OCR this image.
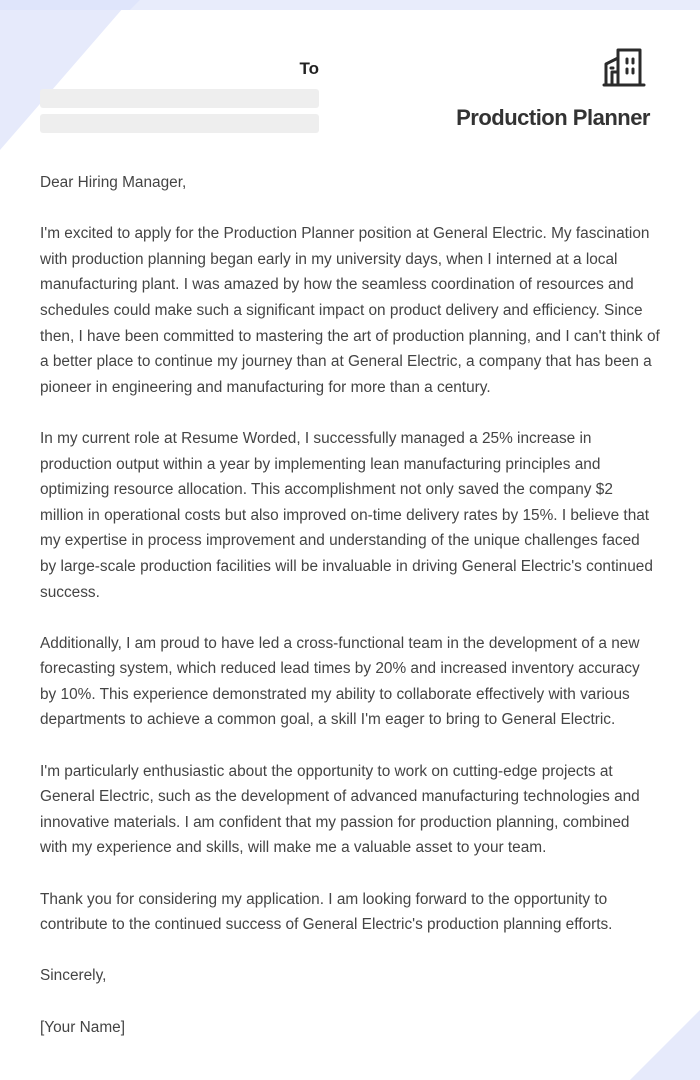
To
Production Planner

Dear Hiring Manager,

I'm excited to apply for the Production Planner position at General Electric. My fascination with production planning began early in my university days, when I interned at a local manufacturing plant. I was amazed by how the seamless coordination of resources and schedules could make such a significant impact on product delivery and efficiency. Since then, I have been committed to mastering the art of production planning, and I can't think of a better place to continue my journey than at General Electric, a company that has been a pioneer in engineering and manufacturing for more than a century.

In my current role at Resume Worded, I successfully managed a 25% increase in production output within a year by implementing lean manufacturing principles and optimizing resource allocation. This accomplishment not only saved the company $2 million in operational costs but also improved on-time delivery rates by 15%. I believe that my expertise in process improvement and understanding of the unique challenges faced by large-scale production facilities will be invaluable in driving General Electric's continued success.

Additionally, I am proud to have led a cross-functional team in the development of a new forecasting system, which reduced lead times by 20% and increased inventory accuracy by 10%. This experience demonstrated my ability to collaborate effectively with various departments to achieve a common goal, a skill I'm eager to bring to General Electric.

I'm particularly enthusiastic about the opportunity to work on cutting-edge projects at General Electric, such as the development of advanced manufacturing technologies and innovative materials. I am confident that my passion for production planning, combined with my experience and skills, will make me a valuable asset to your team.

Thank you for considering my application. I am looking forward to the opportunity to contribute to the continued success of General Electric's production planning efforts.

Sincerely,

[Your Name]
